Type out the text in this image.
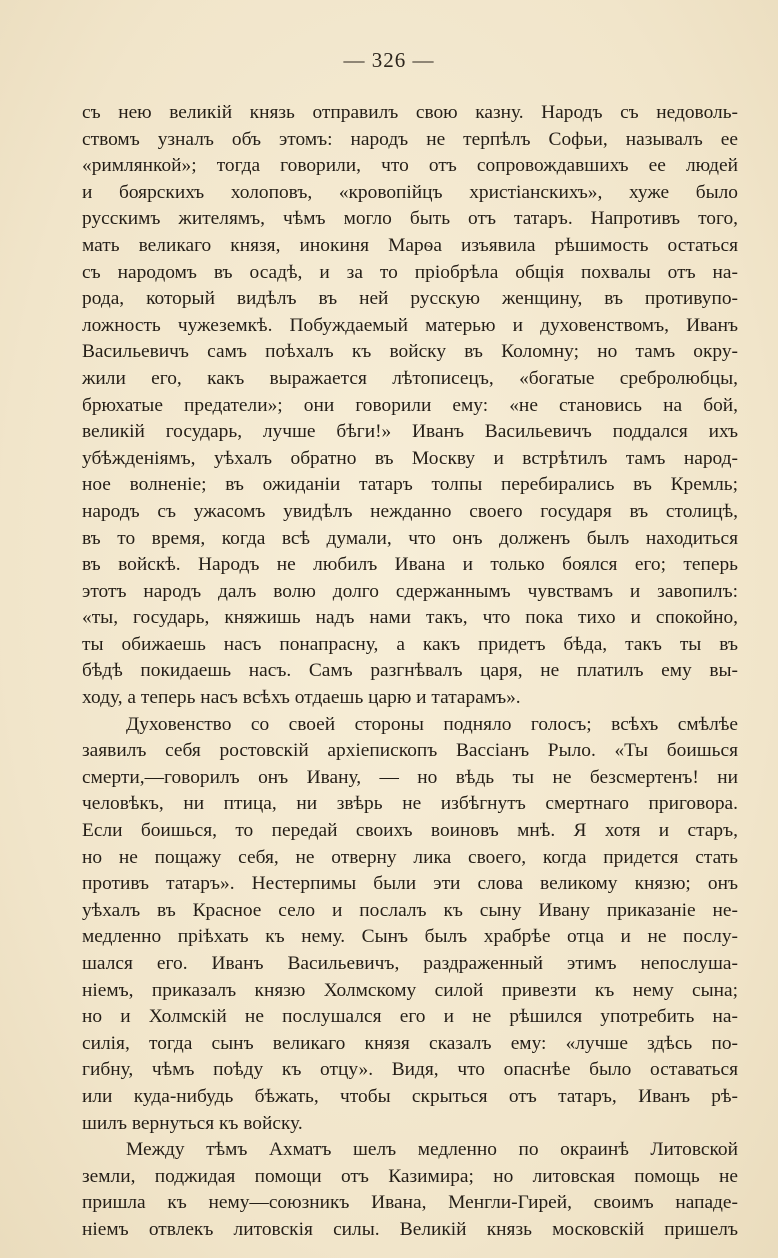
— 326 —
съ нею великій князь отправилъ свою казну. Народъ съ недоволь-
ствомъ узналъ объ этомъ: народъ не терпѣлъ Софьи, называлъ ее
«римлянкой»; тогда говорили, что отъ сопровождавшихъ ее людей
и боярскихъ холоповъ, «кровопійцъ христіанскихъ», хуже было
русскимъ жителямъ, чѣмъ могло быть отъ татаръ. Напротивъ того,
мать великаго князя, инокиня Марѳа изъявила рѣшимость остаться
съ народомъ въ осадѣ, и за то пріобрѣла общія похвалы отъ на-
рода, который видѣлъ въ ней русскую женщину, въ противупо-
ложность чужеземкѣ. Побуждаемый матерью и духовенствомъ, Иванъ
Васильевичъ самъ поѣхалъ къ войску въ Коломну; но тамъ окру-
жили его, какъ выражается лѣтописецъ, «богатые сребролюбцы,
брюхатые предатели»; они говорили ему: «не становись на бой,
великій государь, лучше бѣги!» Иванъ Васильевичъ поддался ихъ
убѣжденіямъ, уѣхалъ обратно въ Москву и встрѣтилъ тамъ народ-
ное волненіе; въ ожиданіи татаръ толпы перебирались въ Кремль;
народъ съ ужасомъ увидѣлъ нежданно своего государя въ столицѣ,
въ то время, когда всѣ думали, что онъ долженъ былъ находиться
въ войскѣ. Народъ не любилъ Ивана и только боялся его; теперь
этотъ народъ далъ волю долго сдержаннымъ чувствамъ и завопилъ:
«ты, государь, княжишь надъ нами такъ, что пока тихо и спокойно,
ты обижаешь насъ понапрасну, а какъ придетъ бѣда, такъ ты въ
бѣдѣ покидаешь насъ. Самъ разгнѣвалъ царя, не платилъ ему вы-
ходу, а теперь насъ всѣхъ отдаешь царю и татарамъ».
Духовенство со своей стороны подняло голосъ; всѣхъ смѣлѣе
заявилъ себя ростовскій архіепископъ Вассіанъ Рыло. «Ты боишься
смерти,—говорилъ онъ Ивану, — но вѣдь ты не безсмертенъ! ни
человѣкъ, ни птица, ни звѣрь не избѣгнутъ смертнаго приговора.
Если боишься, то передай своихъ воиновъ мнѣ. Я хотя и старъ,
но не пощажу себя, не отверну лика своего, когда придется стать
противъ татаръ». Нестерпимы были эти слова великому князю; онъ
уѣхалъ въ Красное село и послалъ къ сыну Ивану приказаніе не-
медленно пріѣхать къ нему. Сынъ былъ храбрѣе отца и не послу-
шался его. Иванъ Васильевичъ, раздраженный этимъ непослуша-
ніемъ, приказалъ князю Холмскому силой привезти къ нему сына;
но и Холмскій не послушался его и не рѣшился употребить на-
силія, тогда сынъ великаго князя сказалъ ему: «лучше здѣсь по-
гибну, чѣмъ поѣду къ отцу». Видя, что опаснѣе было оставаться
или куда-нибудь бѣжать, чтобы скрыться отъ татаръ, Иванъ рѣ-
шилъ вернуться къ войску.
Между тѣмъ Ахматъ шелъ медленно по окраинѣ Литовской
земли, поджидая помощи отъ Казимира; но литовская помощь не
пришла къ нему—союзникъ Ивана, Менгли-Гирей, своимъ нападе-
ніемъ отвлекъ литовскія силы. Великій князь московскій пришелъ
